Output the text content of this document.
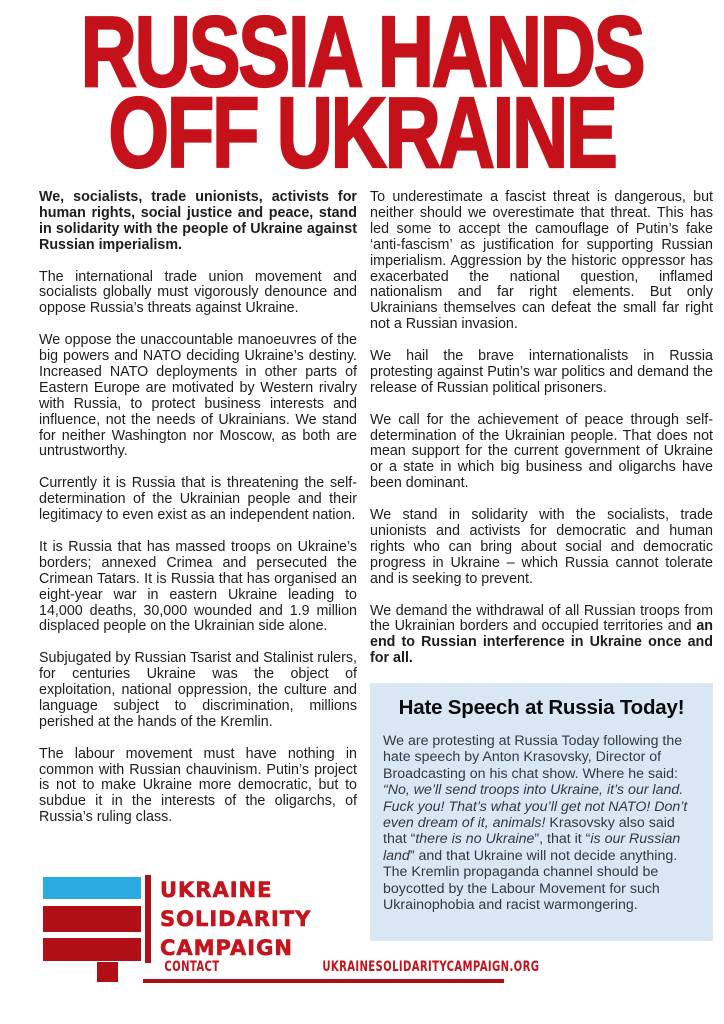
RUSSIA HANDS
OFF UKRAINE

We, socialists, trade unionists, activists for human rights, social justice and peace, stand in solidarity with the people of Ukraine against Russian imperialism.

The international trade union movement and socialists globally must vigorously denounce and oppose Russia’s threats against Ukraine.

We oppose the unaccountable manoeuvres of the big powers and NATO deciding Ukraine’s destiny. Increased NATO deployments in other parts of Eastern Europe are motivated by Western rivalry with Russia, to protect business interests and influence, not the needs of Ukrainians. We stand for neither Washington nor Moscow, as both are untrustworthy.

Currently it is Russia that is threatening the self-determination of the Ukrainian people and their legitimacy to even exist as an independent nation.

It is Russia that has massed troops on Ukraine’s borders; annexed Crimea and persecuted the Crimean Tatars. It is Russia that has organised an eight-year war in eastern Ukraine leading to 14,000 deaths, 30,000 wounded and 1.9 million displaced people on the Ukrainian side alone.

Subjugated by Russian Tsarist and Stalinist rulers, for centuries Ukraine was the object of exploitation, national oppression, the culture and language subject to discrimination, millions perished at the hands of the Kremlin.

The labour movement must have nothing in common with Russian chauvinism. Putin’s project is not to make Ukraine more democratic, but to subdue it in the interests of the oligarchs, of Russia’s ruling class.

To underestimate a fascist threat is dangerous, but neither should we overestimate that threat. This has led some to accept the camouflage of Putin’s fake ‘anti-fascism’ as justification for supporting Russian imperialism. Aggression by the historic oppressor has exacerbated the national question, inflamed nationalism and far right elements. But only Ukrainians themselves can defeat the small far right not a Russian invasion.

We hail the brave internationalists in Russia protesting against Putin’s war politics and demand the release of Russian political prisoners.

We call for the achievement of peace through self-determination of the Ukrainian people. That does not mean support for the current government of Ukraine or a state in which big business and oligarchs have been dominant.

We stand in solidarity with the socialists, trade unionists and activists for democratic and human rights who can bring about social and democratic progress in Ukraine – which Russia cannot tolerate and is seeking to prevent.

We demand the withdrawal of all Russian troops from the Ukrainian borders and occupied territories and an end to Russian interference in Ukraine once and for all.

Hate Speech at Russia Today!

We are protesting at Russia Today following the hate speech by Anton Krasovsky, Director of Broadcasting on his chat show. Where he said: “No, we’ll send troops into Ukraine, it’s our land. Fuck you! That’s what you’ll get not NATO! Don’t even dream of it, animals! Krasovsky also said that “there is no Ukraine”, that it “is our Russian land” and that Ukraine will not decide anything. The Kremlin propaganda channel should be boycotted by the Labour Movement for such Ukrainophobia and racist warmongering.

UKRAINE
SOLIDARITY
CAMPAIGN
CONTACT	UKRAINESOLIDARITYCAMPAIGN.ORG
